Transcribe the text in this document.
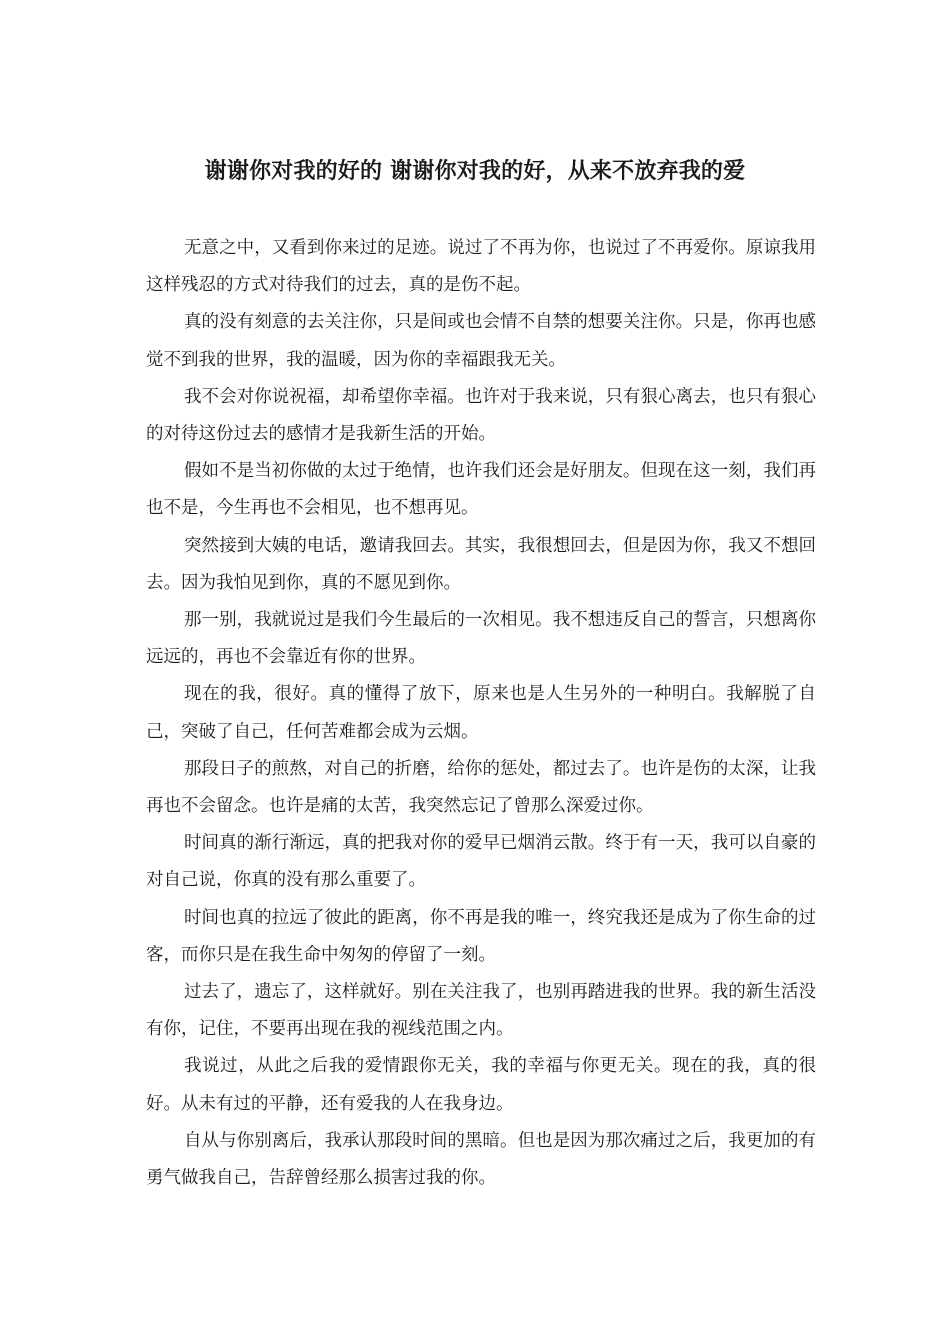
谢谢你对我的好的 谢谢你对我的好，从来不放弃我的爱

无意之中，又看到你来过的足迹。说过了不再为你，也说过了不再爱你。原谅我用这样残忍的方式对待我们的过去，真的是伤不起。

真的没有刻意的去关注你，只是间或也会情不自禁的想要关注你。只是，你再也感觉不到我的世界，我的温暖，因为你的幸福跟我无关。

我不会对你说祝福，却希望你幸福。也许对于我来说，只有狠心离去，也只有狠心的对待这份过去的感情才是我新生活的开始。

假如不是当初你做的太过于绝情，也许我们还会是好朋友。但现在这一刻，我们再也不是，今生再也不会相见，也不想再见。

突然接到大姨的电话，邀请我回去。其实，我很想回去，但是因为你，我又不想回去。因为我怕见到你，真的不愿见到你。

那一别，我就说过是我们今生最后的一次相见。我不想违反自己的誓言，只想离你远远的，再也不会靠近有你的世界。

现在的我，很好。真的懂得了放下，原来也是人生另外的一种明白。我解脱了自己，突破了自己，任何苦难都会成为云烟。

那段日子的煎熬，对自己的折磨，给你的惩处，都过去了。也许是伤的太深，让我再也不会留念。也许是痛的太苦，我突然忘记了曾那么深爱过你。

时间真的渐行渐远，真的把我对你的爱早已烟消云散。终于有一天，我可以自豪的对自己说，你真的没有那么重要了。

时间也真的拉远了彼此的距离，你不再是我的唯一，终究我还是成为了你生命的过客，而你只是在我生命中匆匆的停留了一刻。

过去了，遗忘了，这样就好。别在关注我了，也别再踏进我的世界。我的新生活没有你，记住，不要再出现在我的视线范围之内。

我说过，从此之后我的爱情跟你无关，我的幸福与你更无关。现在的我，真的很好。从未有过的平静，还有爱我的人在我身边。

自从与你别离后，我承认那段时间的黑暗。但也是因为那次痛过之后，我更加的有勇气做我自己，告辞曾经那么损害过我的你。
